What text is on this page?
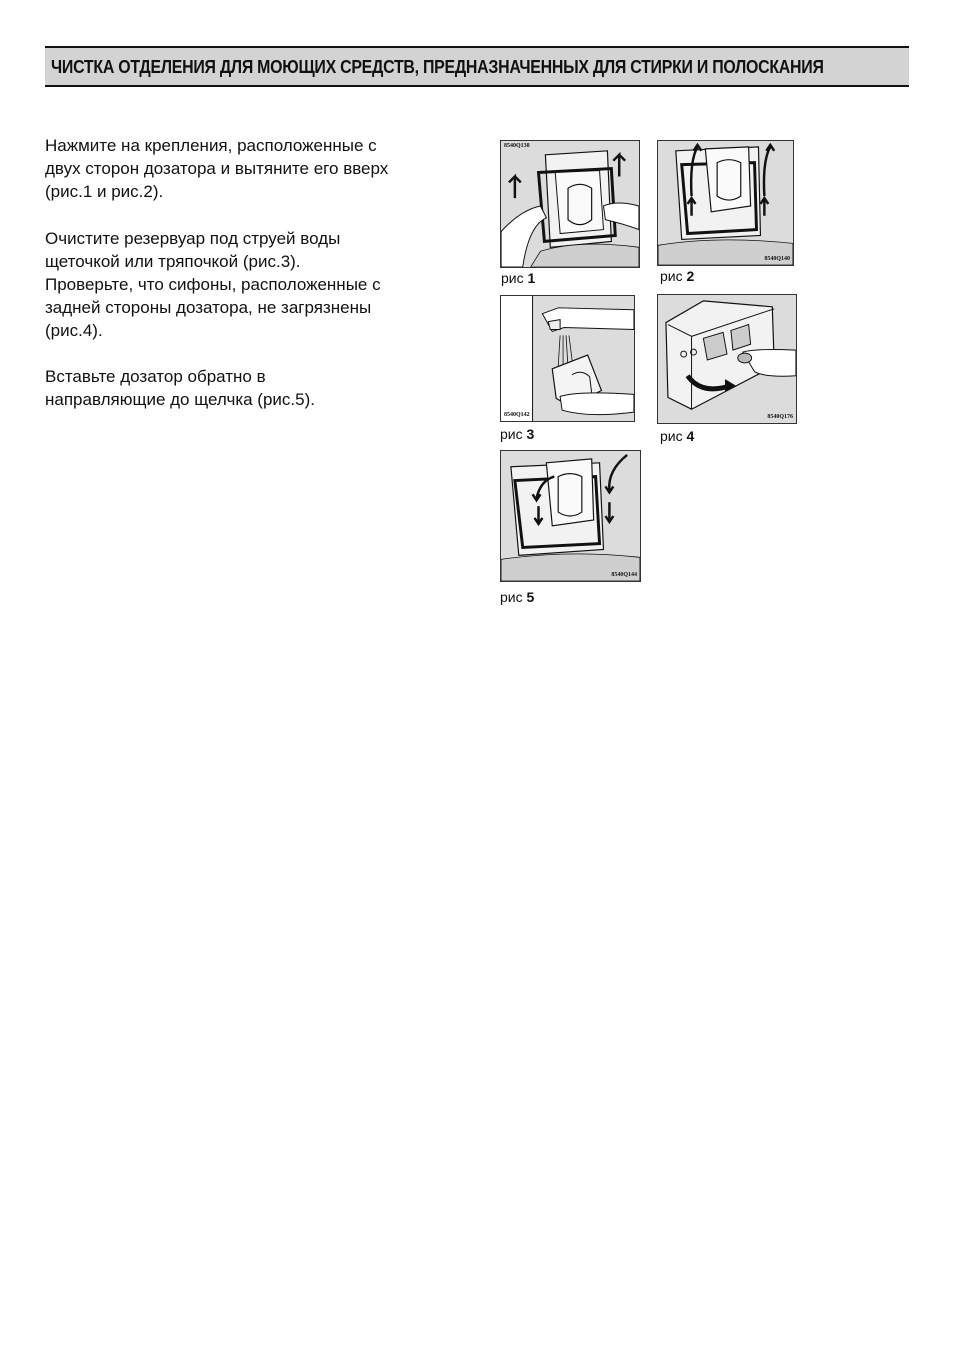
ЧИСТКА ОТДЕЛЕНИЯ ДЛЯ МОЮЩИХ СРЕДСТВ, ПРЕДНАЗНАЧЕННЫХ ДЛЯ СТИРКИ И ПОЛОСКАНИЯ

Нажмите на крепления, расположенные с
двух сторон дозатора и вытяните его вверх
(рис.1 и рис.2).

Очистите резервуар под струей воды
щеточкой или тряпочкой (рис.3).
Проверьте, что сифоны, расположенные с
задней стороны дозатора, не загрязнены
(рис.4).

Вставьте дозатор обратно в
направляющие до щелчка (рис.5).

8540Q138
рис 1
8540Q140
рис 2
8540Q142
рис 3
8540Q176
рис 4
8540Q144
рис 5
